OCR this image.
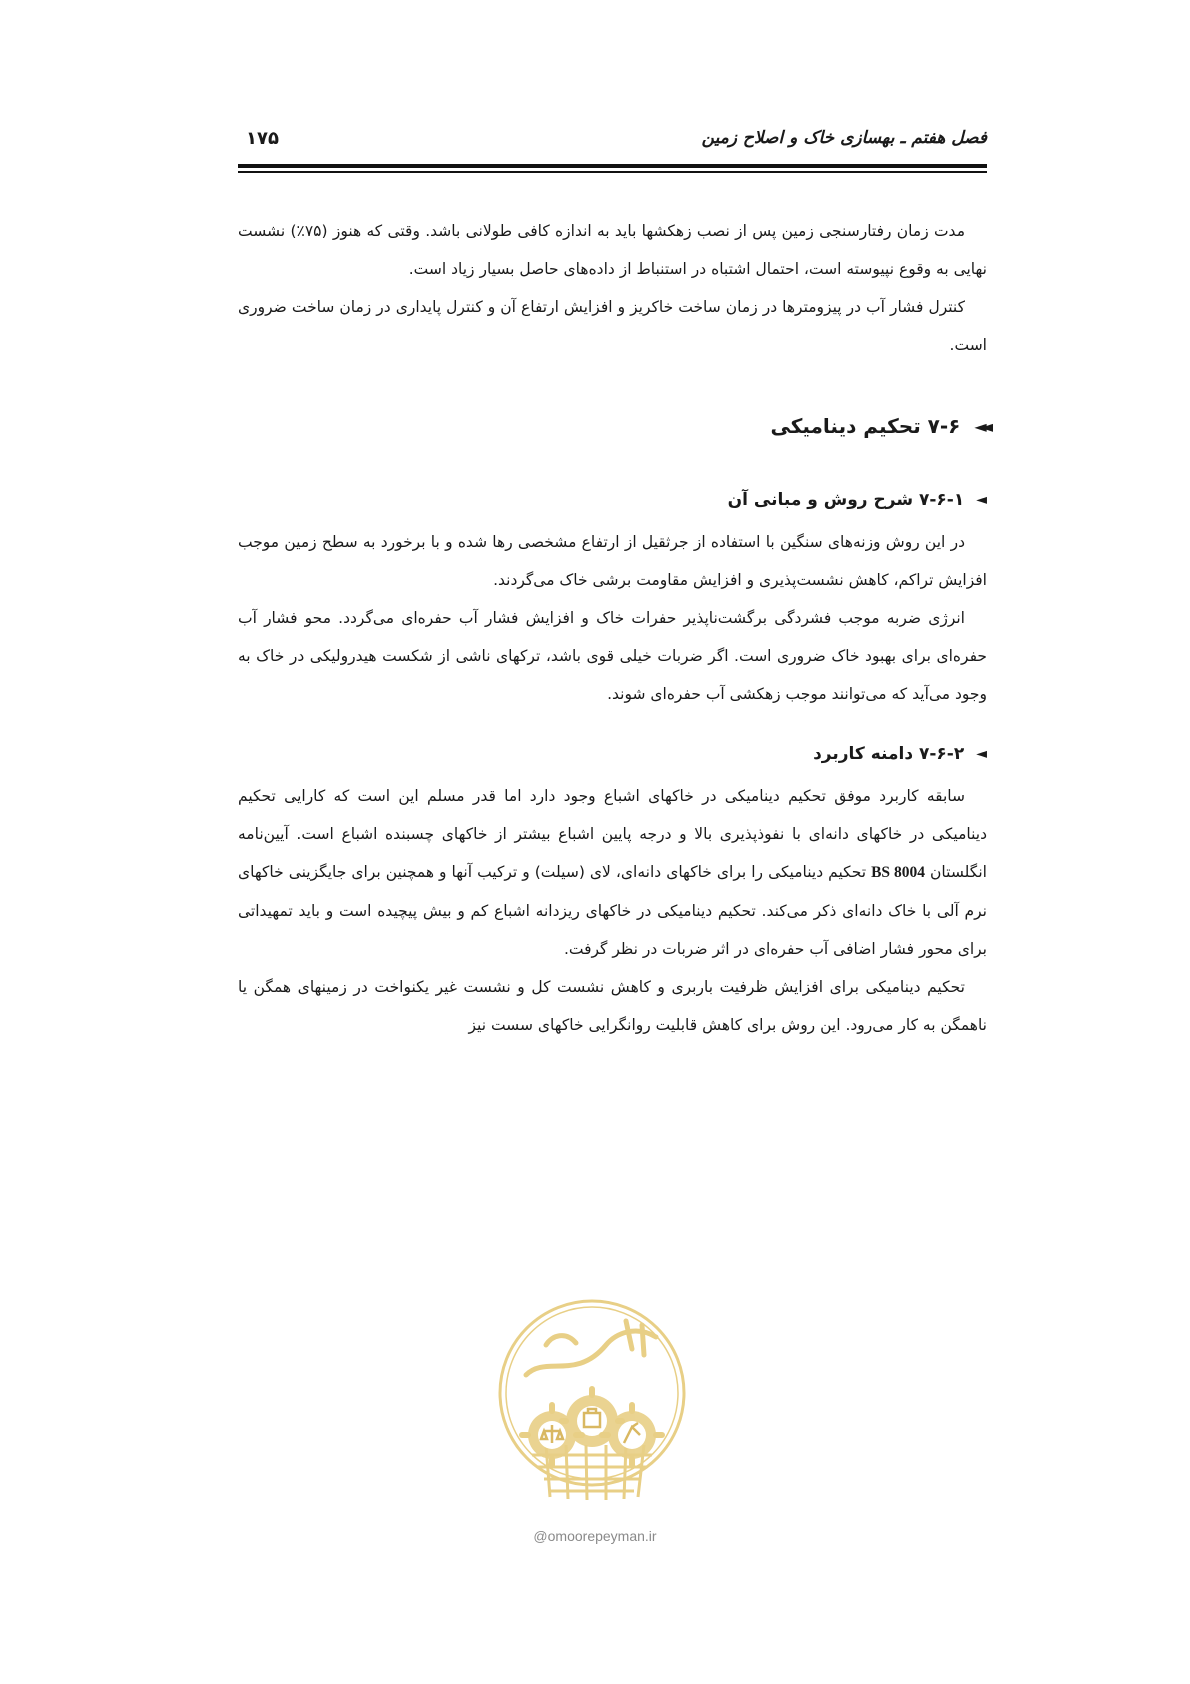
فصل هفتم ـ بهسازی خاک و اصلاح زمین
۱۷۵

مدت زمان رفتارسنجی زمین پس از نصب زهکشها باید به اندازه کافی طولانی باشد. وقتی که هنوز (۷۵٪) نشست نهایی به وقوع نپیوسته است، احتمال اشتباه در استنباط از داده‌های حاصل بسیار زیاد است.

کنترل فشار آب در پیزومترها در زمان ساخت خاکریز و افزایش ارتفاع آن و کنترل پایداری در زمان ساخت ضروری است.

◄◄۷-۶ تحکیم دینامیکی
◄۷-۶-۱ شرح روش و مبانی آن

در این روش وزنه‌های سنگین با استفاده از جرثقیل از ارتفاع مشخصی رها شده و با برخورد به سطح زمین موجب افزایش تراکم، کاهش نشست‌پذیری و افزایش مقاومت برشی خاک می‌گردند.

انرژی ضربه موجب فشردگی برگشت‌ناپذیر حفرات خاک و افزایش فشار آب حفره‌ای می‌گردد. محو فشار آب حفره‌ای برای بهبود خاک ضروری است. اگر ضربات خیلی قوی باشد، ترکهای ناشی از شکست هیدرولیکی در خاک به وجود می‌آید که می‌توانند موجب زهکشی آب حفره‌ای شوند.

◄۷-۶-۲ دامنه کاربرد

سابقه کاربرد موفق تحکیم دینامیکی در خاکهای اشباع وجود دارد اما قدر مسلم این است که کارایی تحکیم دینامیکی در خاکهای دانه‌ای با نفوذپذیری بالا و درجه پایین اشباع بیشتر از خاکهای چسبنده اشباع است. آیین‌نامه انگلستان BS 8004 تحکیم دینامیکی را برای خاکهای دانه‌ای، لای (سیلت) و ترکیب آنها و همچنین برای جایگزینی خاکهای نرم آلی با خاک دانه‌ای ذکر می‌کند. تحکیم دینامیکی در خاکهای ریزدانه اشباع کم و بیش پیچیده است و باید تمهیداتی برای محور فشار اضافی آب حفره‌ای در اثر ضربات در نظر گرفت.

تحکیم دینامیکی برای افزایش ظرفیت باربری و کاهش نشست کل و نشست غیر یکنواخت در زمینهای همگن یا ناهمگن به کار می‌رود. این روش برای کاهش قابلیت روانگرایی خاکهای سست نیز

@omoorepeyman.ir
